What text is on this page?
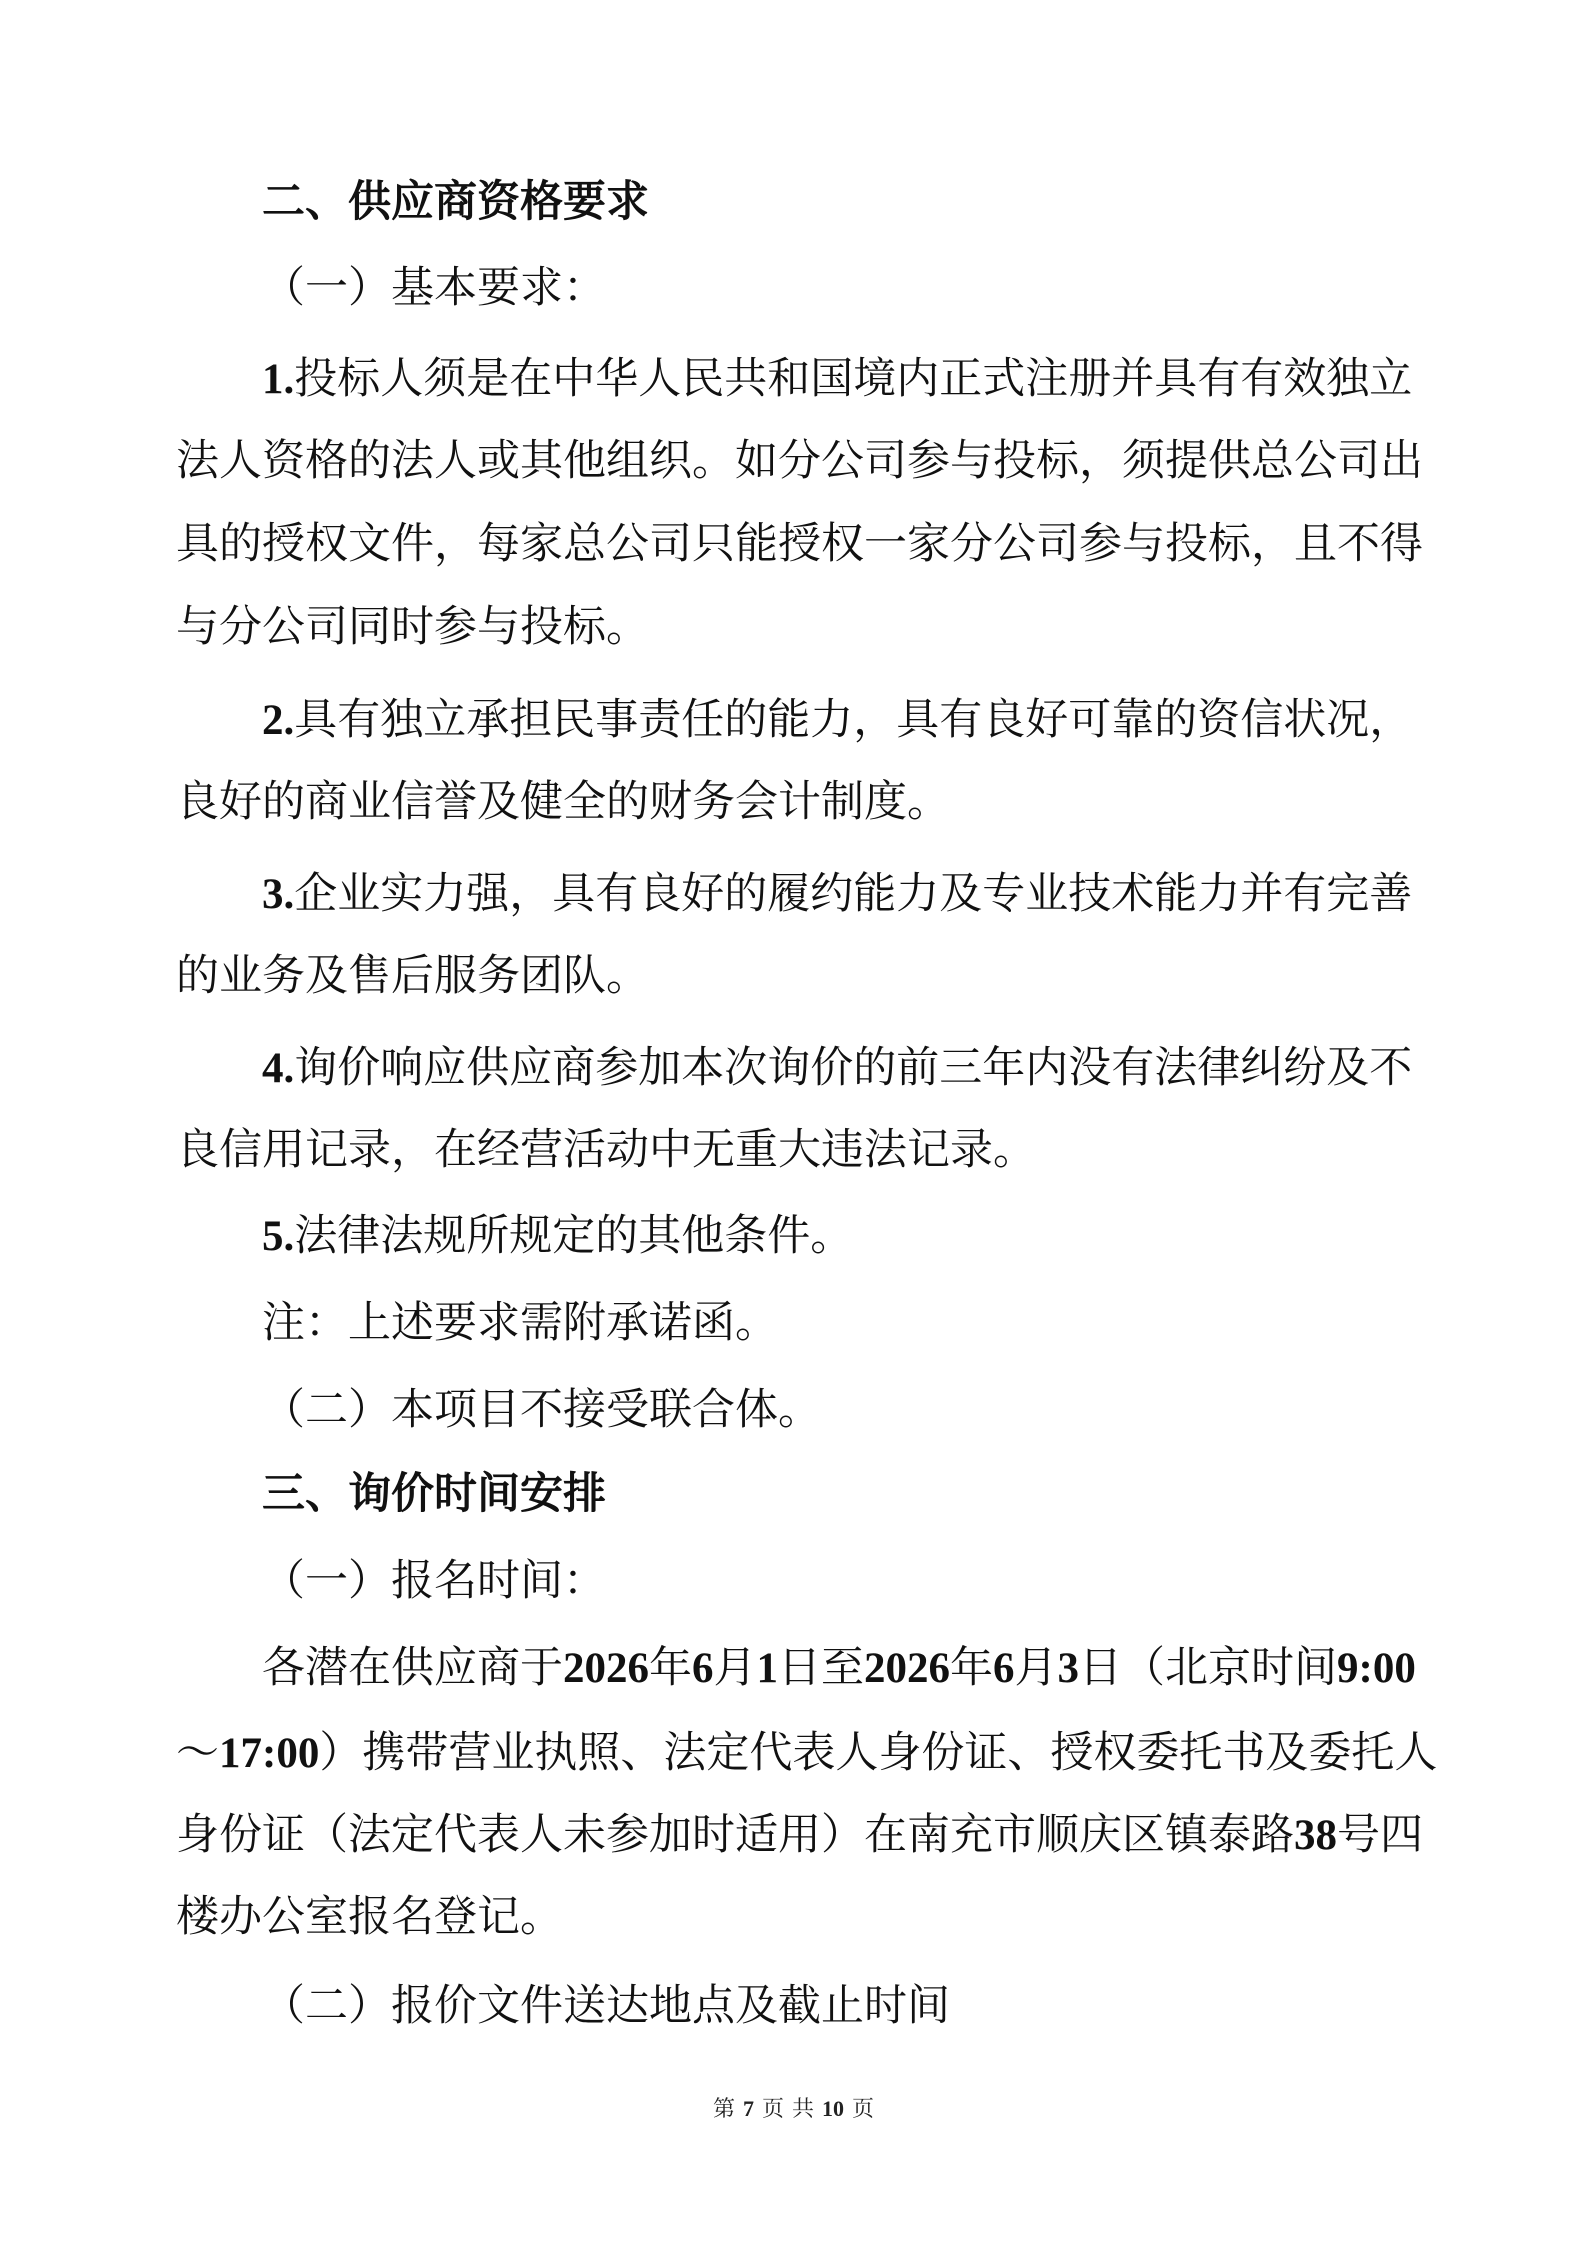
二、供应商资格要求
（一）基本要求：
1.投标人须是在中华人民共和国境内正式注册并具有有效独立
法人资格的法人或其他组织。如分公司参与投标，须提供总公司出
具的授权文件，每家总公司只能授权一家分公司参与投标，且不得
与分公司同时参与投标。
2.具有独立承担民事责任的能力，具有良好可靠的资信状况，
良好的商业信誉及健全的财务会计制度。
3.企业实力强，具有良好的履约能力及专业技术能力并有完善
的业务及售后服务团队。
4.询价响应供应商参加本次询价的前三年内没有法律纠纷及不
良信用记录，在经营活动中无重大违法记录。
5.法律法规所规定的其他条件。
注：上述要求需附承诺函。
（二）本项目不接受联合体。
三、询价时间安排
（一）报名时间：
各潜在供应商于2026年6月1日至2026年6月3日（北京时间9:00
～17:00）携带营业执照、法定代表人身份证、授权委托书及委托人
身份证（法定代表人未参加时适用）在南充市顺庆区镇泰路38号四
楼办公室报名登记。
（二）报价文件送达地点及截止时间
第 7 页 共 10 页
